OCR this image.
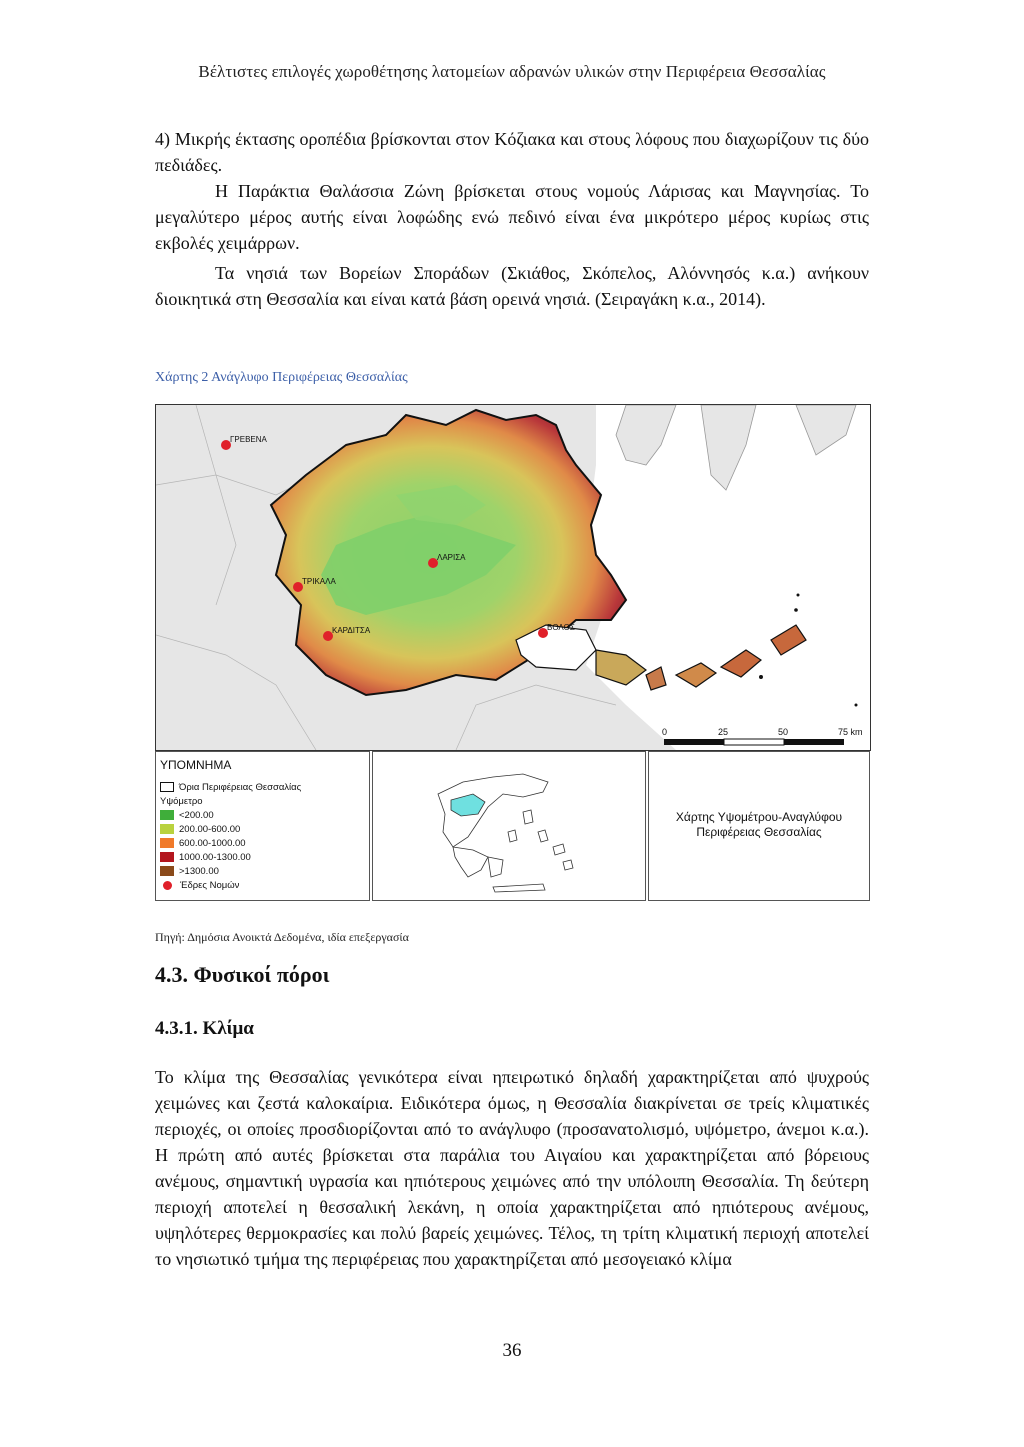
Βέλτιστες επιλογές χωροθέτησης λατομείων αδρανών υλικών στην Περιφέρεια Θεσσαλίας
4) Μικρής έκτασης οροπέδια βρίσκονται στον Κόζιακα και στους λόφους που διαχωρίζουν τις δύο πεδιάδες.
Η Παράκτια Θαλάσσια Ζώνη βρίσκεται στους νομούς Λάρισας και Μαγνησίας. Το μεγαλύτερο μέρος αυτής είναι λοφώδης ενώ πεδινό είναι ένα μικρότερο μέρος κυρίως στις εκβολές χειμάρρων.
Τα νησιά των Βορείων Σποράδων (Σκιάθος, Σκόπελος, Αλόννησός κ.α.) ανήκουν διοικητικά στη Θεσσαλία και είναι κατά βάση ορεινά νησιά. (Σειραγάκη κ.α., 2014).
Χάρτης 2 Ανάγλυφο Περιφέρειας Θεσσαλίας
ΓΡΕΒΕΝΑ
ΛΑΡΙΣΑ
ΤΡΙΚΑΛΑ
ΚΑΡΔΙΤΣΑ	ΒΟΛΟΣ
0	25	50	75 km
ΥΠΟΜΝΗΜΑ
Όρια Περιφέρειας Θεσσαλίας
Υψόμετρο
<200.00
200.00-600.00
600.00-1000.00
1000.00-1300.00
>1300.00
Έδρες Νομών
Χάρτης Υψομέτρου-Αναγλύφου Περιφέρειας Θεσσαλίας
Πηγή: Δημόσια Ανοικτά Δεδομένα, ιδία επεξεργασία
4.3. Φυσικοί πόροι
4.3.1. Κλίμα
Το κλίμα της Θεσσαλίας γενικότερα είναι ηπειρωτικό δηλαδή χαρακτηρίζεται από ψυχρούς χειμώνες και ζεστά καλοκαίρια. Ειδικότερα όμως, η Θεσσαλία διακρίνεται σε τρείς κλιματικές περιοχές, οι οποίες προσδιορίζονται από το ανάγλυφο (προσανατολισμό, υψόμετρο, άνεμοι κ.α.). Η πρώτη από αυτές βρίσκεται στα παράλια του Αιγαίου και χαρακτηρίζεται από βόρειους ανέμους, σημαντική υγρασία και ηπιότερους χειμώνες από την υπόλοιπη Θεσσαλία. Τη δεύτερη περιοχή αποτελεί η θεσσαλική λεκάνη, η οποία χαρακτηρίζεται από ηπιότερους ανέμους, υψηλότερες θερμοκρασίες και πολύ βαρείς χειμώνες. Τέλος, τη τρίτη κλιματική περιοχή αποτελεί το νησιωτικό τμήμα της περιφέρειας που χαρακτηρίζεται από μεσογειακό κλίμα
36
